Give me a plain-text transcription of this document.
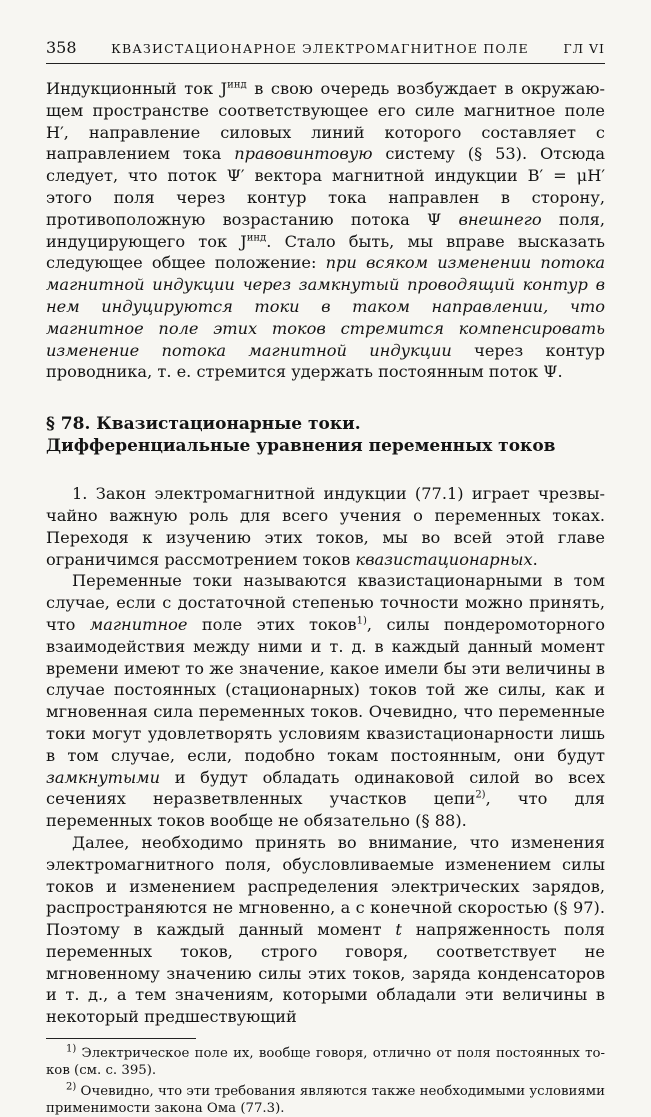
358	КВАЗИСТАЦИОНАРНОЕ ЭЛЕКТРОМАГНИТНОЕ ПОЛЕ	ГЛ VI

Индукционный ток $J^{инд}$ в свою очередь возбуждает в окружающем пространстве соответствующее его силе магнитное поле H′, направление силовых линий которого составляет с направлением тока правовинтовую систему (§ 53). Отсюда следует, что поток Ψ′ вектора магнитной индукции B′ = μH′ этого поля через контур тока направлен в сторону, противоположную возрастанию потока Ψ внешнего поля, индуцирующего ток $J^{инд}$. Стало быть, мы вправе высказать следующее общее положение: при всяком изменении потока магнитной индукции через замкнутый проводящий контур в нем индуцируются токи в таком направлении, что магнитное поле этих токов стремится компенсировать изменение потока магнитной индукции через контур проводника, т. е. стремится удержать постоянным поток Ψ.

§ 78. Квазистационарные токи.
Дифференциальные уравнения переменных токов

1. Закон электромагнитной индукции (77.1) играет чрезвычайно важную роль для всего учения о переменных токах. Переходя к изучению этих токов, мы во всей этой главе ограничимся рассмотрением токов квазистационарных.

Переменные токи называются квазистационарными в том случае, если с достаточной степенью точности можно принять, что магнитное поле этих токов$^{1)}$, силы пондеромоторного взаимодействия между ними и т. д. в каждый данный момент времени имеют то же значение, какое имели бы эти величины в случае постоянных (стационарных) токов той же силы, как и мгновенная сила переменных токов. Очевидно, что переменные токи могут удовлетворять условиям квазистационарности лишь в том случае, если, подобно токам постоянным, они будут замкнутыми и будут обладать одинаковой силой во всех сечениях неразветвленных участков цепи$^{2)}$, что для переменных токов вообще не обязательно (§ 88).

Далее, необходимо принять во внимание, что изменения электромагнитного поля, обусловливаемые изменением силы токов и изменением распределения электрических зарядов, распространяются не мгновенно, а с конечной скоростью (§ 97). Поэтому в каждый данный момент t напряженность поля переменных токов, строго говоря, соответствует не мгновенному значению силы этих токов, заряда конденсаторов и т. д., а тем значениям, которыми обладали эти величины в некоторый предшествующий

$^{1)}$ Электрическое поле их, вообще говоря, отлично от поля постоянных токов (см. с. 395).
$^{2)}$ Очевидно, что эти требования являются также необходимыми условиями применимости закона Ома (77.3).
